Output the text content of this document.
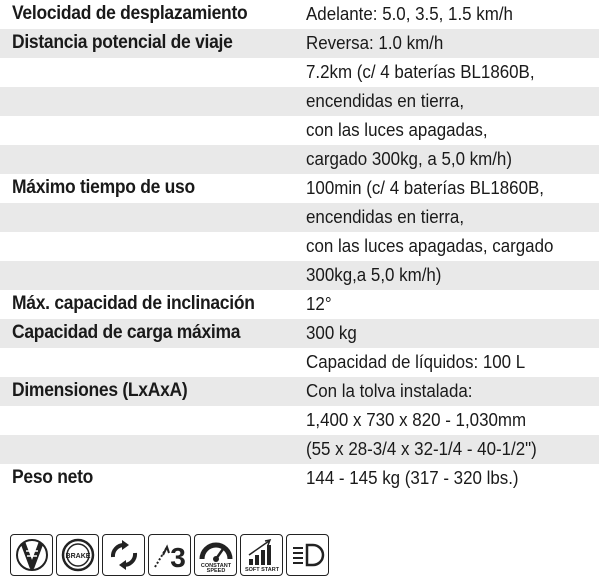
Velocidad de desplazamiento	Adelante: 5.0, 3.5, 1.5 km/h
Distancia potencial de viaje	Reversa: 1.0 km/h
7.2km (c/ 4 baterías BL1860B,
encendidas en tierra,
con las luces apagadas,
cargado 300kg, a 5,0 km/h)
Máximo tiempo de uso	100min (c/ 4 baterías BL1860B,
encendidas en tierra,
con las luces apagadas, cargado
300kg,a 5,0 km/h)
Máx. capacidad de inclinación	12°
Capacidad de carga máxima	300 kg
Capacidad de líquidos: 100 L
Dimensiones (LxAxA)	Con la tolva instalada:
1,400 x 730 x 820 - 1,030mm
(55 x 28-3/4 x 32-1/4 - 40-1/2")
Peso neto	144 - 145 kg (317 - 320 lbs.)
BRAKE	3	CONSTANT
SPEED	SOFT START
